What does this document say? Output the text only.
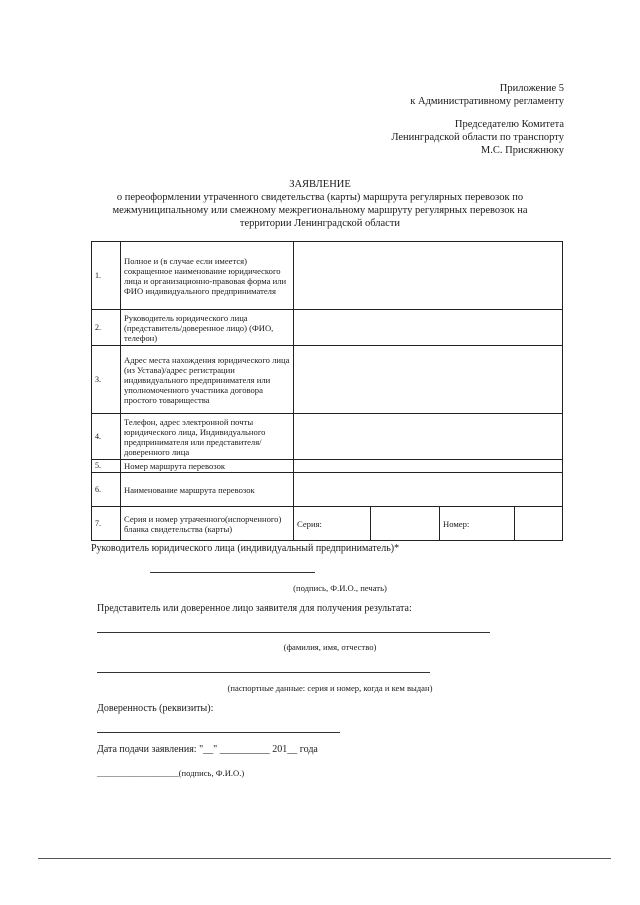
Приложение 5
к Административному регламенту
Председателю Комитета
Ленинградской области по транспорту
М.С. Присяжнюку
ЗАЯВЛЕНИЕ
о переоформлении утраченного свидетельства (карты) маршрута регулярных перевозок по
межмуниципальному или смежному межрегиональному маршруту регулярных перевозок на
территории Ленинградской области
1.	Полное и (в случае если имеется) сокращенное наименование юридического лица и организационно-правовая форма или ФИО индивидуального предпринимателя				
2.	Руководитель юридического лица (представитель/доверенное лицо) (ФИО, телефон)				
3.	Адрес места нахождения юридического лица (из Устава)/адрес регистрации индивидуального предпринимателя или уполномоченного участника договора простого товарищества				
4.	Телефон, адрес электронной почты юридического лица, Индивидуального предпринимателя или представителя/доверенного лица				
5.	Номер маршрута перевозок				
6.	Наименование маршрута перевозок				
7.	Серия и номер утраченного(испорченного) бланка свидетельства (карты)	Серия:		Номер:	
Руководитель юридического лица (индивидуальный предприниматель)*
(подпись, Ф.И.О., печать)
Представитель или доверенное лицо заявителя для получения результата:
(фамилия, имя, отчество)
(паспортные данные: серия и номер, когда и кем выдан)
Доверенность (реквизиты):
Дата подачи заявления: "__" __________ 201__ года
___________________(подпись, Ф.И.О.)
